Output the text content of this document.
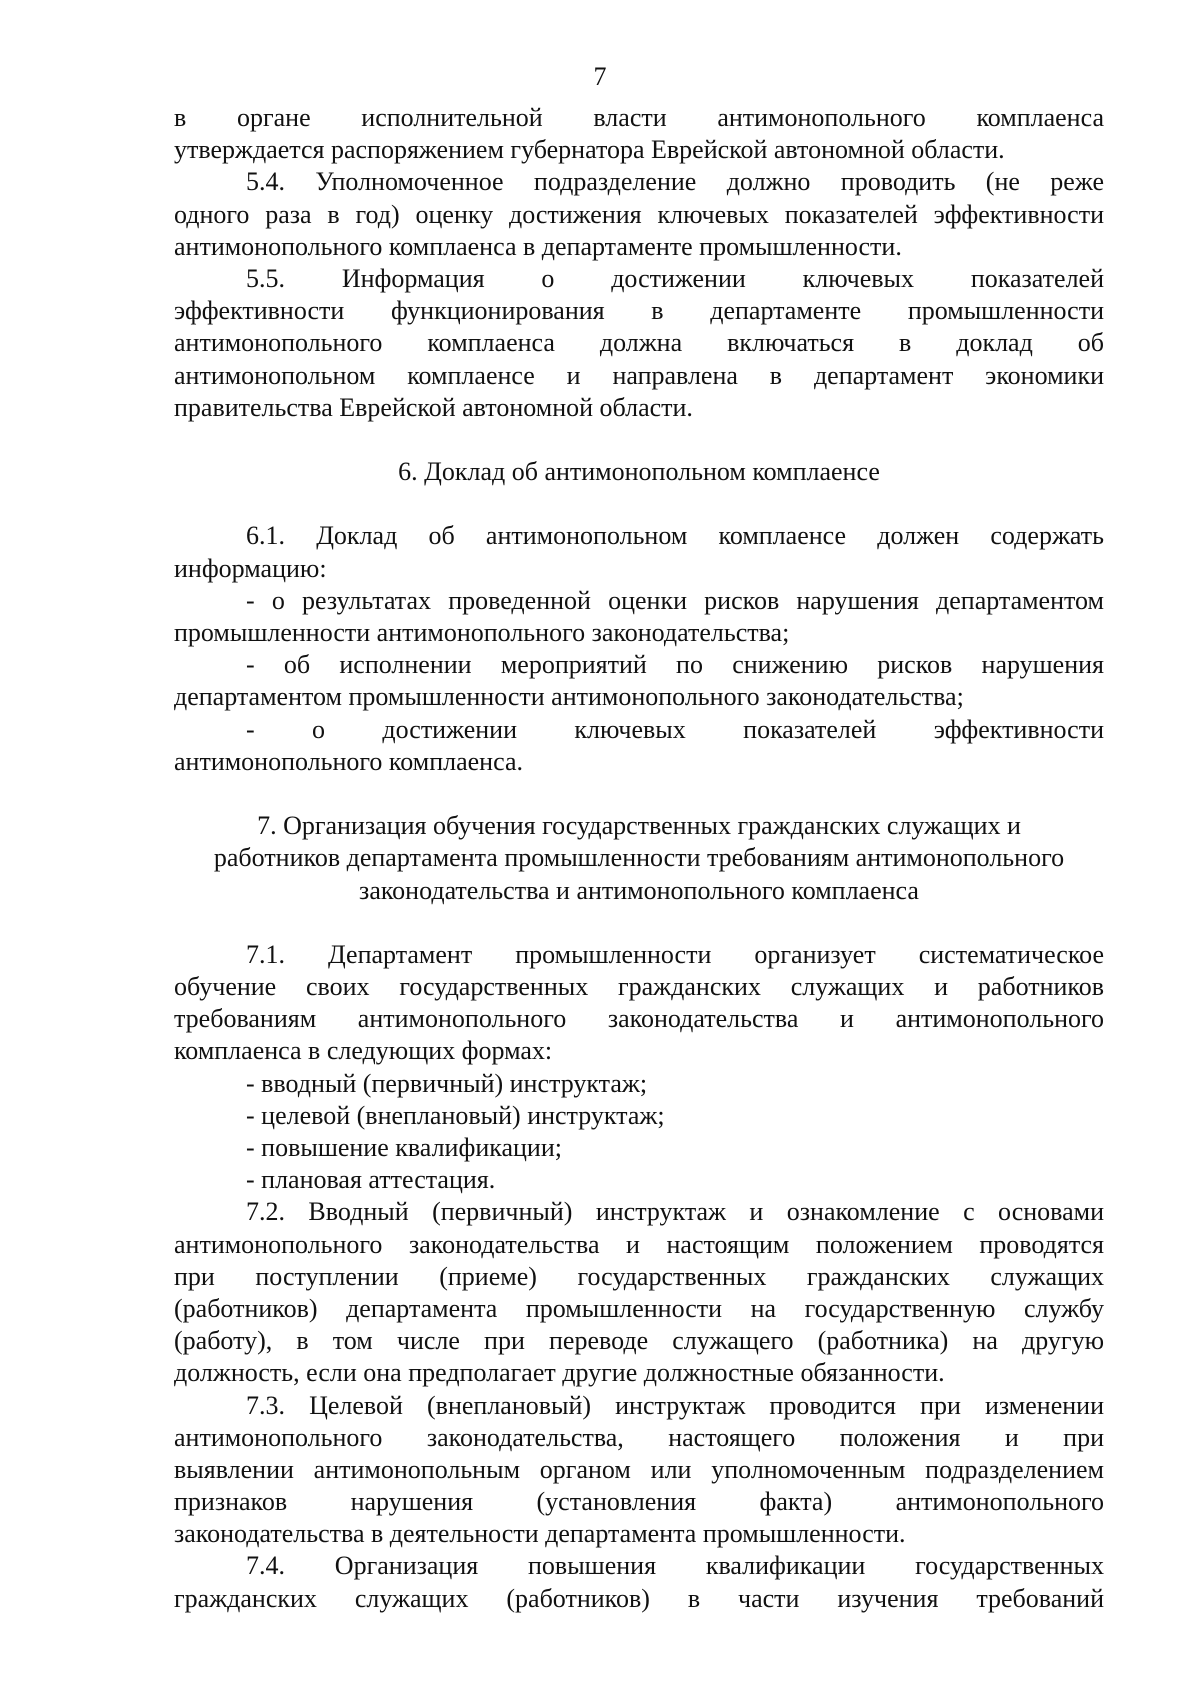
7
в органе исполнительной власти антимонопольного комплаенса
утверждается распоряжением губернатора Еврейской автономной области.
5.4. Уполномоченное подразделение должно проводить (не реже
одного раза в год) оценку достижения ключевых показателей эффективности
антимонопольного комплаенса в департаменте промышленности.
5.5. Информация о достижении ключевых показателей
эффективности функционирования в департаменте промышленности
антимонопольного комплаенса должна включаться в доклад об
антимонопольном комплаенсе и направлена в департамент экономики
правительства Еврейской автономной области.
6. Доклад об антимонопольном комплаенсе
6.1. Доклад об антимонопольном комплаенсе должен содержать
информацию:
- о результатах проведенной оценки рисков нарушения департаментом
промышленности антимонопольного законодательства;
- об исполнении мероприятий по снижению рисков нарушения
департаментом промышленности антимонопольного законодательства;
- о достижении ключевых показателей эффективности
антимонопольного комплаенса.
7. Организация обучения государственных гражданских служащих и
работников департамента промышленности требованиям антимонопольного
законодательства и антимонопольного комплаенса
7.1. Департамент промышленности организует систематическое
обучение своих государственных гражданских служащих и работников
требованиям антимонопольного законодательства и антимонопольного
комплаенса в следующих формах:
- вводный (первичный) инструктаж;
- целевой (внеплановый) инструктаж;
- повышение квалификации;
- плановая аттестация.
7.2. Вводный (первичный) инструктаж и ознакомление с основами
антимонопольного законодательства и настоящим положением проводятся
при поступлении (приеме) государственных гражданских служащих
(работников) департамента промышленности на государственную службу
(работу), в том числе при переводе служащего (работника) на другую
должность, если она предполагает другие должностные обязанности.
7.3. Целевой (внеплановый) инструктаж проводится при изменении
антимонопольного законодательства, настоящего положения и при
выявлении антимонопольным органом или уполномоченным подразделением
признаков нарушения (установления факта) антимонопольного
законодательства в деятельности департамента промышленности.
7.4. Организация повышения квалификации государственных
гражданских служащих (работников) в части изучения требований
